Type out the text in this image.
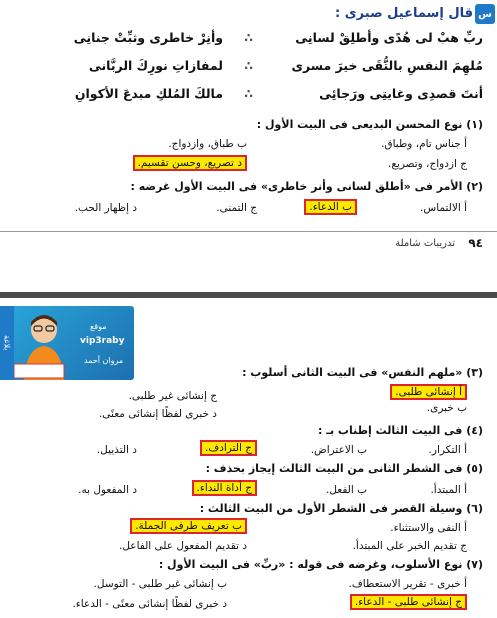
س
قال إسماعيل صبرى :
ربِّ هبْ لى هُدًى وأطلِقْ لسانِى
∴
وأنِرْ خاطرى وثبِّتْ جنانِى
مُلهِمَ النفسِ بالتُّقَى خيرَ مسرى
∴
لمفازاتِ نورِكَ الربَّانى
أنتَ قصدِى وغايتِى ورَجائِى
∴
مالكَ المُلكِ مبدعَ الأكوانِ
(١) نوع المحسن البديعى فى البيت الأول :
أ جناس تام، وطباق.
ب طباق، وازدواج.
ج ازدواج، وتصريع.
د تصريع، وحسن تقسيم.
(٢) الأمر فى «أطلق لسانى وأنر خاطرى» فى البيت الأول غرضه :
أ الالتماس.
ب الدعاء.
ج التمنى.
د إظهار الحب.
٩٤
تدريبات شاملة
بلاغة
موقع
vip3raby
مروان أحمد
(٣) «ملهم النفس» فى البيت الثانى أسلوب :
أ إنشائى طلبى.
ب خبرى.
ج إنشائى غير طلبى.
د خبرى لفظًا إنشائى معنًى.
(٤) فى البيت الثالث إطناب بـ :
أ التكرار.
ب الاعتراض.
ج الترادف.
د التذييل.
(٥) فى الشطر الثانى من البيت الثالث إيجاز بحذف :
أ المبتدأ.
ب الفعل.
ج أداة النداء.
د المفعول به.
(٦) وسيلة القصر فى الشطر الأول من البيت الثالث :
أ النفى والاستثناء.
ب تعريف طرفى الجملة.
ج تقديم الخبر على المبتدأ.
د تقديم المفعول على الفاعل.
(٧) نوع الأسلوب، وغرضه فى قوله : «ربِّ» فى البيت الأول :
أ خبرى - تقرير الاستعطاف.
ب إنشائى غير طلبى - التوسل.
ج إنشائى طلبى - الدعاء.
د خبرى لفظًا إنشائى معنًى - الدعاء.
